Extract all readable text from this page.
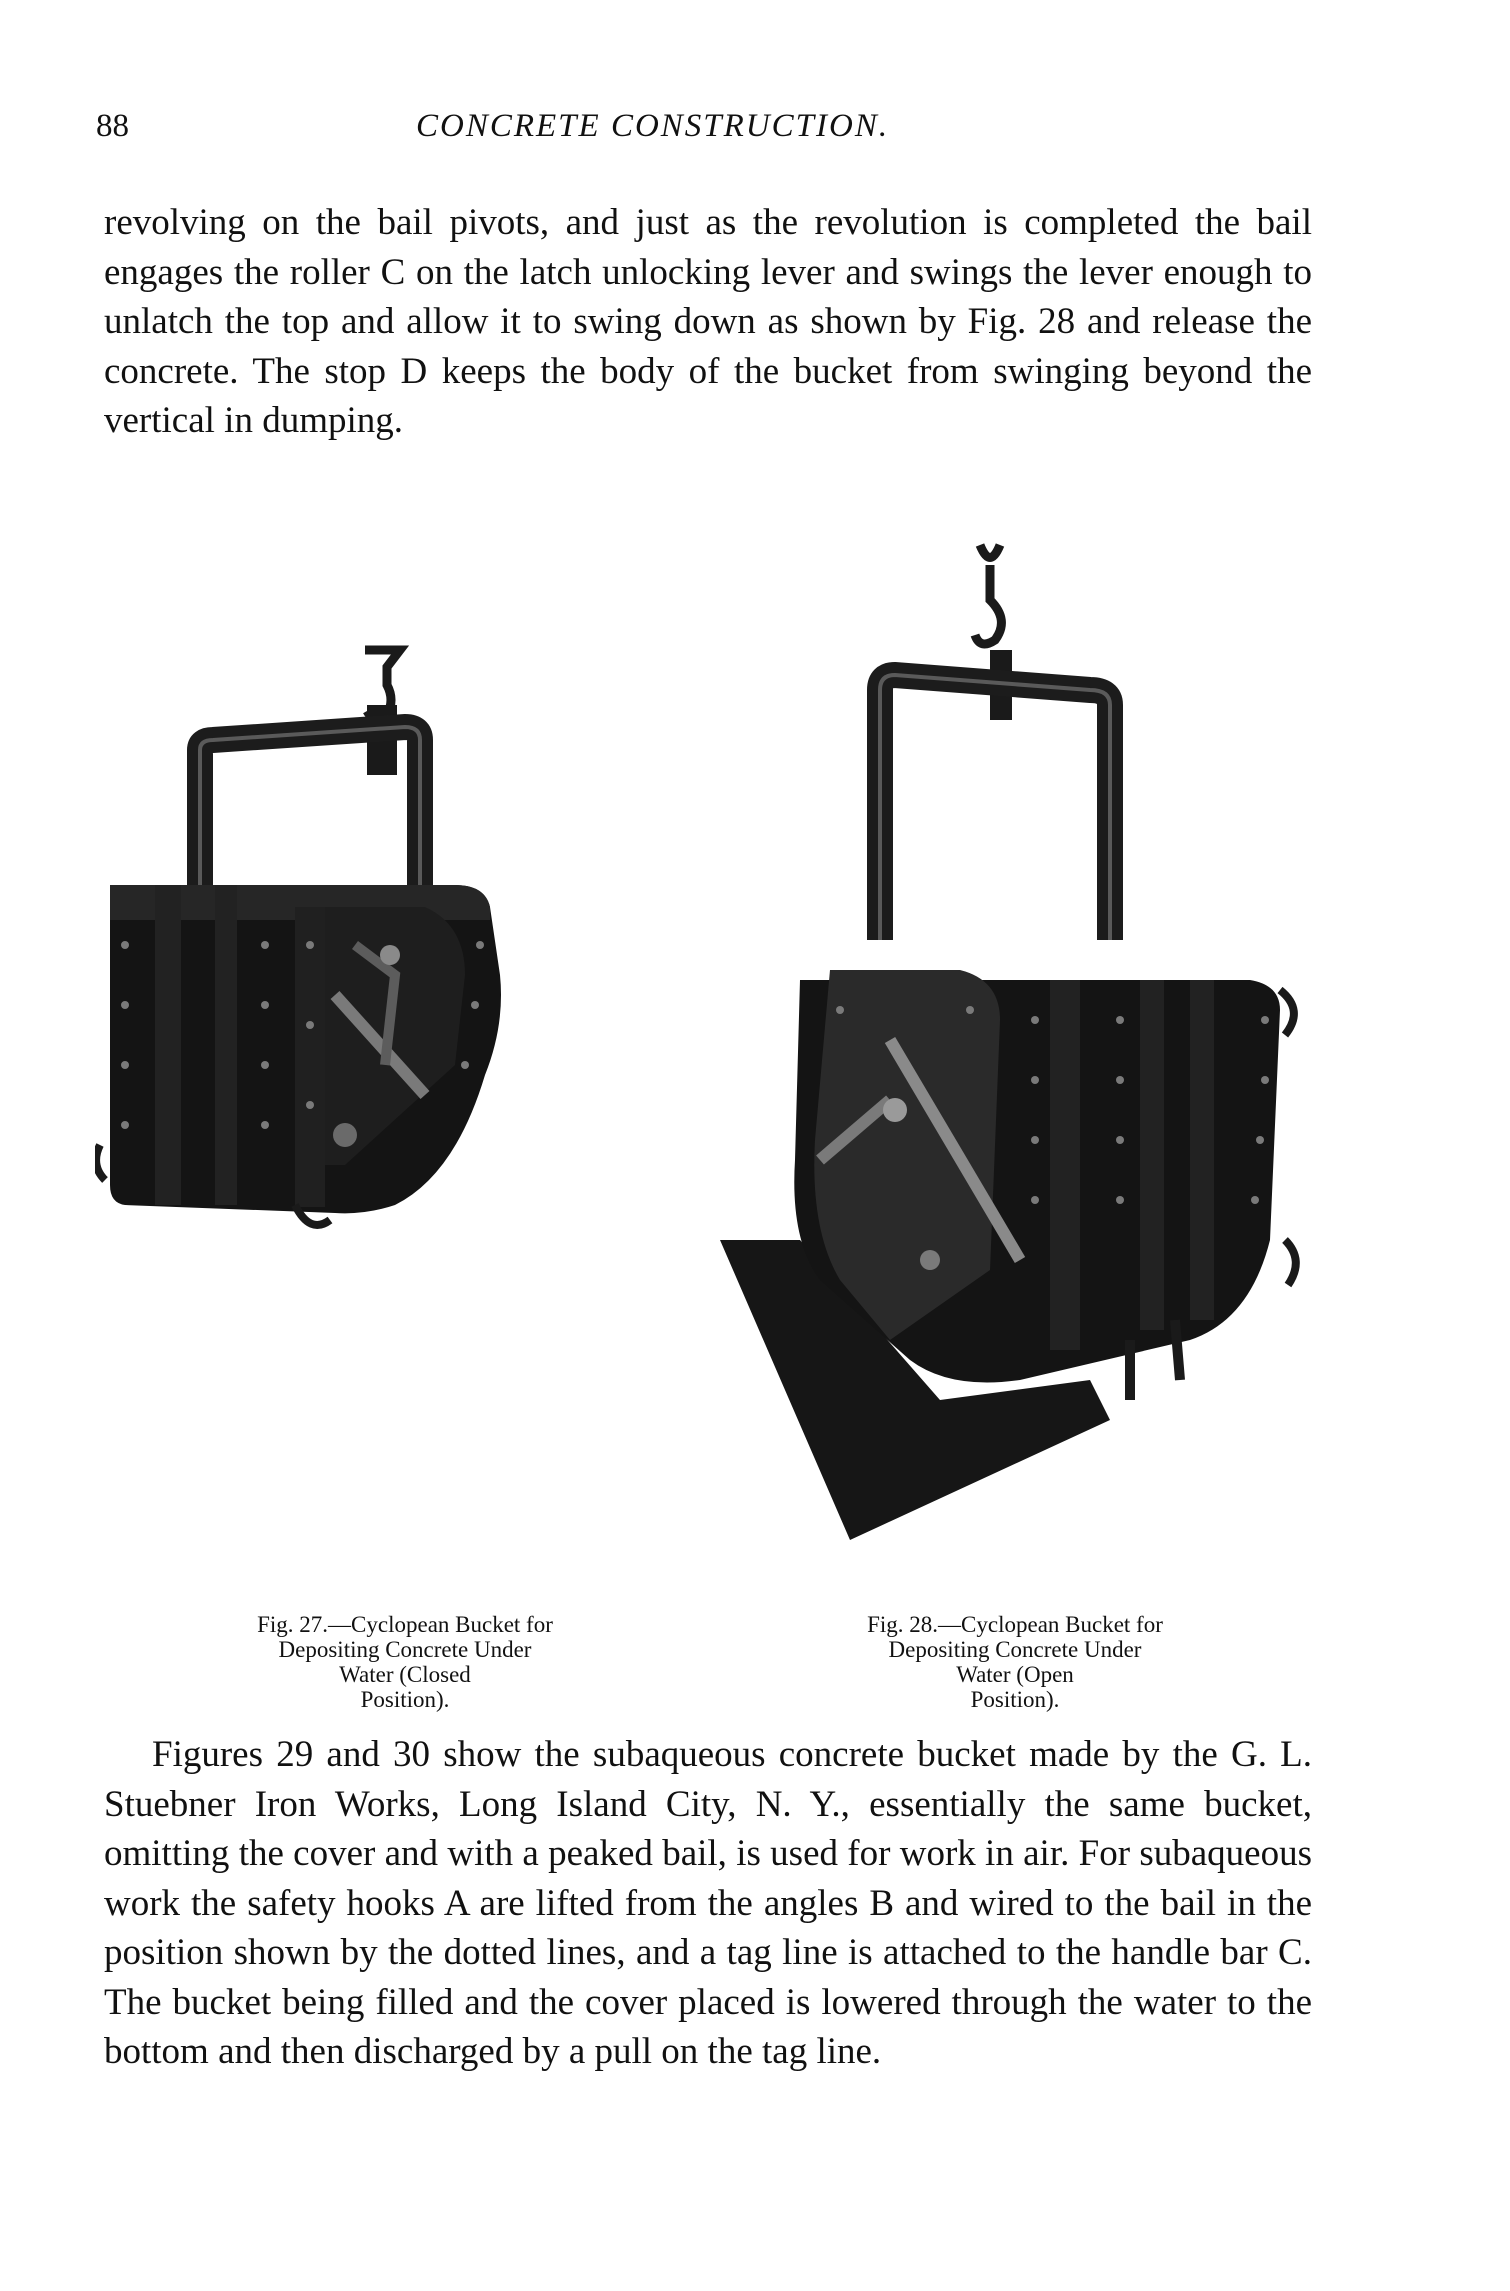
88	CONCRETE CONSTRUCTION.

revolving on the bail pivots, and just as the revolution is completed the bail engages the roller C on the latch unlocking lever and swings the lever enough to unlatch the top and allow it to swing down as shown by Fig. 28 and release the concrete. The stop D keeps the body of the bucket from swinging beyond the vertical in dumping.

Fig. 27.—Cyclopean Bucket for
Depositing Concrete Under
Water (Closed
Position).
Fig. 28.—Cyclopean Bucket for
Depositing Concrete Under
Water (Open
Position).

Figures 29 and 30 show the subaqueous concrete bucket made by the G. L. Stuebner Iron Works, Long Island City, N. Y., essentially the same bucket, omitting the cover and with a peaked bail, is used for work in air. For subaqueous work the safety hooks A are lifted from the angles B and wired to the bail in the position shown by the dotted lines, and a tag line is attached to the handle bar C. The bucket being filled and the cover placed is lowered through the water to the bottom and then discharged by a pull on the tag line.
